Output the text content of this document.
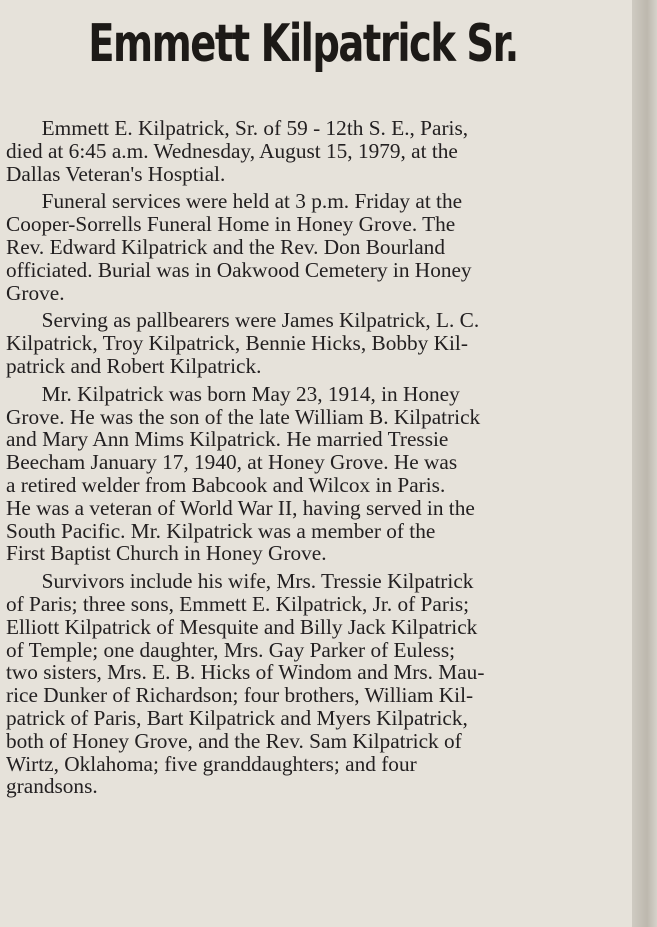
Emmett Kilpatrick Sr.
Emmett E. Kilpatrick, Sr. of 59 - 12th S. E., Paris,
died at 6:45 a.m. Wednesday, August 15, 1979, at the
Dallas Veteran's Hosptial.
Funeral services were held at 3 p.m. Friday at the
Cooper-Sorrells Funeral Home in Honey Grove. The
Rev. Edward Kilpatrick and the Rev. Don Bourland
officiated. Burial was in Oakwood Cemetery in Honey
Grove.
Serving as pallbearers were James Kilpatrick, L. C.
Kilpatrick, Troy Kilpatrick, Bennie Hicks, Bobby Kil-
patrick and Robert Kilpatrick.
Mr. Kilpatrick was born May 23, 1914, in Honey
Grove. He was the son of the late William B. Kilpatrick
and Mary Ann Mims Kilpatrick. He married Tressie
Beecham January 17, 1940, at Honey Grove. He was
a retired welder from Babcook and Wilcox in Paris.
He was a veteran of World War II, having served in the
South Pacific. Mr. Kilpatrick was a member of the
First Baptist Church in Honey Grove.
Survivors include his wife, Mrs. Tressie Kilpatrick
of Paris; three sons, Emmett E. Kilpatrick, Jr. of Paris;
Elliott Kilpatrick of Mesquite and Billy Jack Kilpatrick
of Temple; one daughter, Mrs. Gay Parker of Euless;
two sisters, Mrs. E. B. Hicks of Windom and Mrs. Mau-
rice Dunker of Richardson; four brothers, William Kil-
patrick of Paris, Bart Kilpatrick and Myers Kilpatrick,
both of Honey Grove, and the Rev. Sam Kilpatrick of
Wirtz, Oklahoma; five granddaughters; and four
grandsons.
